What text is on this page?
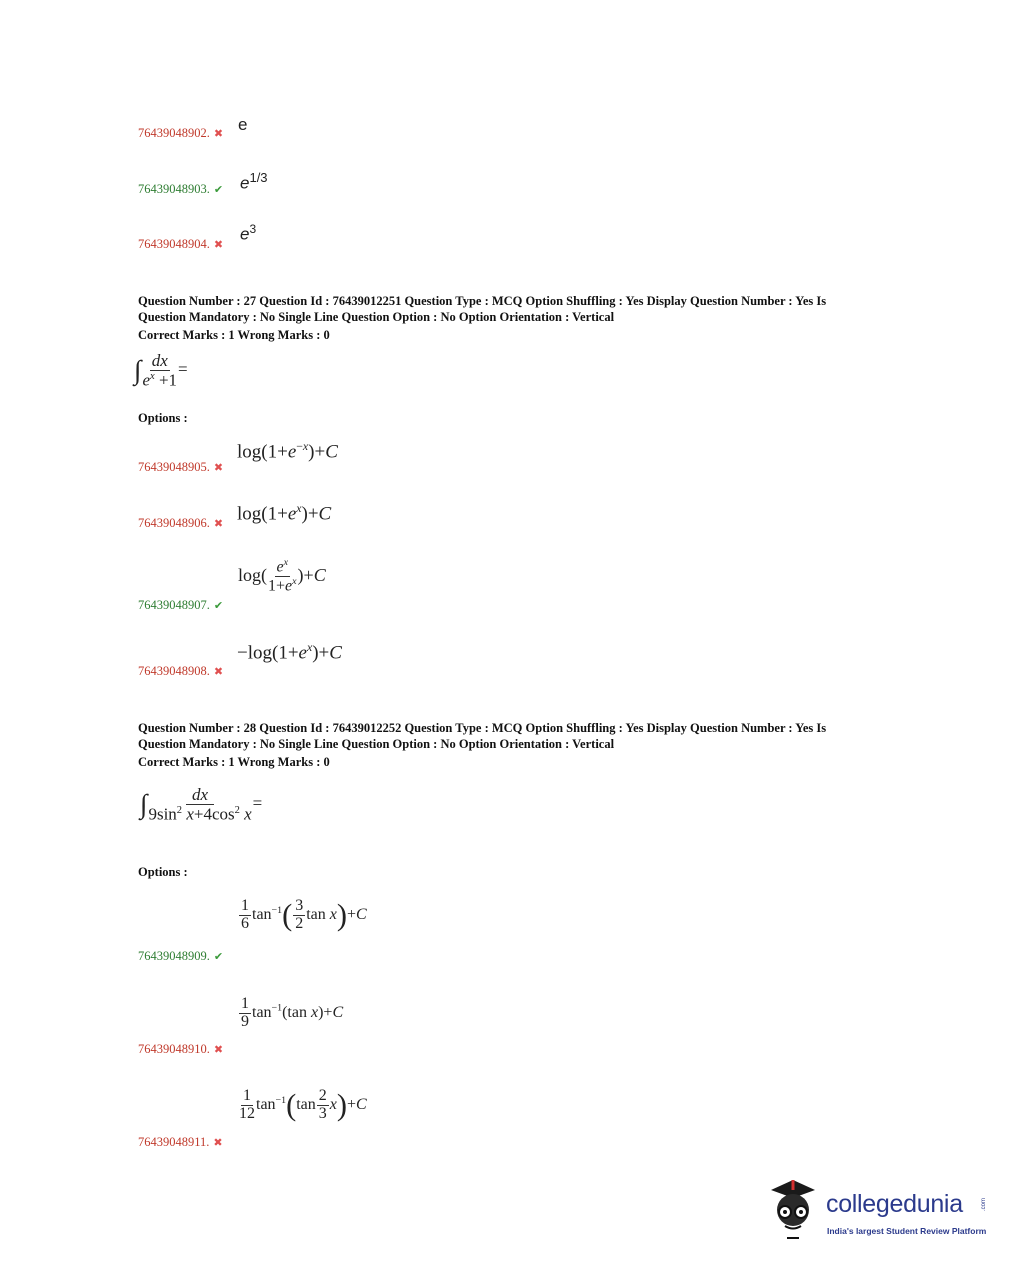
76439048902. ✖ e
76439048903. ✔ $e^{1/3}$
76439048904. ✖
$e^3$
Question Number : 27 Question Id : 76439012251 Question Type : MCQ Option Shuffling : Yes Display Question Number : Yes Is
Question Mandatory : No Single Line Question Option : No Option Orientation : Vertical
Correct Marks : 1 Wrong Marks : 0
∫ $\frac{dx}{e^x +1}$ =
Options :
76439048905. ✖
$\log(1+e^{-x})+C$
76439048906. ✖ $\log(1+e^x)+C$
76439048907. ✔
$\log( \frac{e^x}{1+e^x} )+C$
76439048908. ✖
$-\log(1+e^x)+C$
Question Number : 28 Question Id : 76439012252 Question Type : MCQ Option Shuffling : Yes Display Question Number : Yes Is
Question Mandatory : No Single Line Question Option : No Option Orientation : Vertical
Correct Marks : 1 Wrong Marks : 0
∫ $\frac{dx}{9\sin^2 x+4\cos^2 x}$ =
Options :
76439048909. ✔
$\frac{1}{6} \tan^{-1}( \frac{3}{2}$ tan x)+C
76439048910. ✖
$\frac{1}{9} \tan^{-1}(\tan$ x)+C
76439048911. ✖
$\frac{1}{12} \tan^{-1}(\tan \frac{2}{3} x)+C$
collegedunia	.com
India's largest Student Review Platform
